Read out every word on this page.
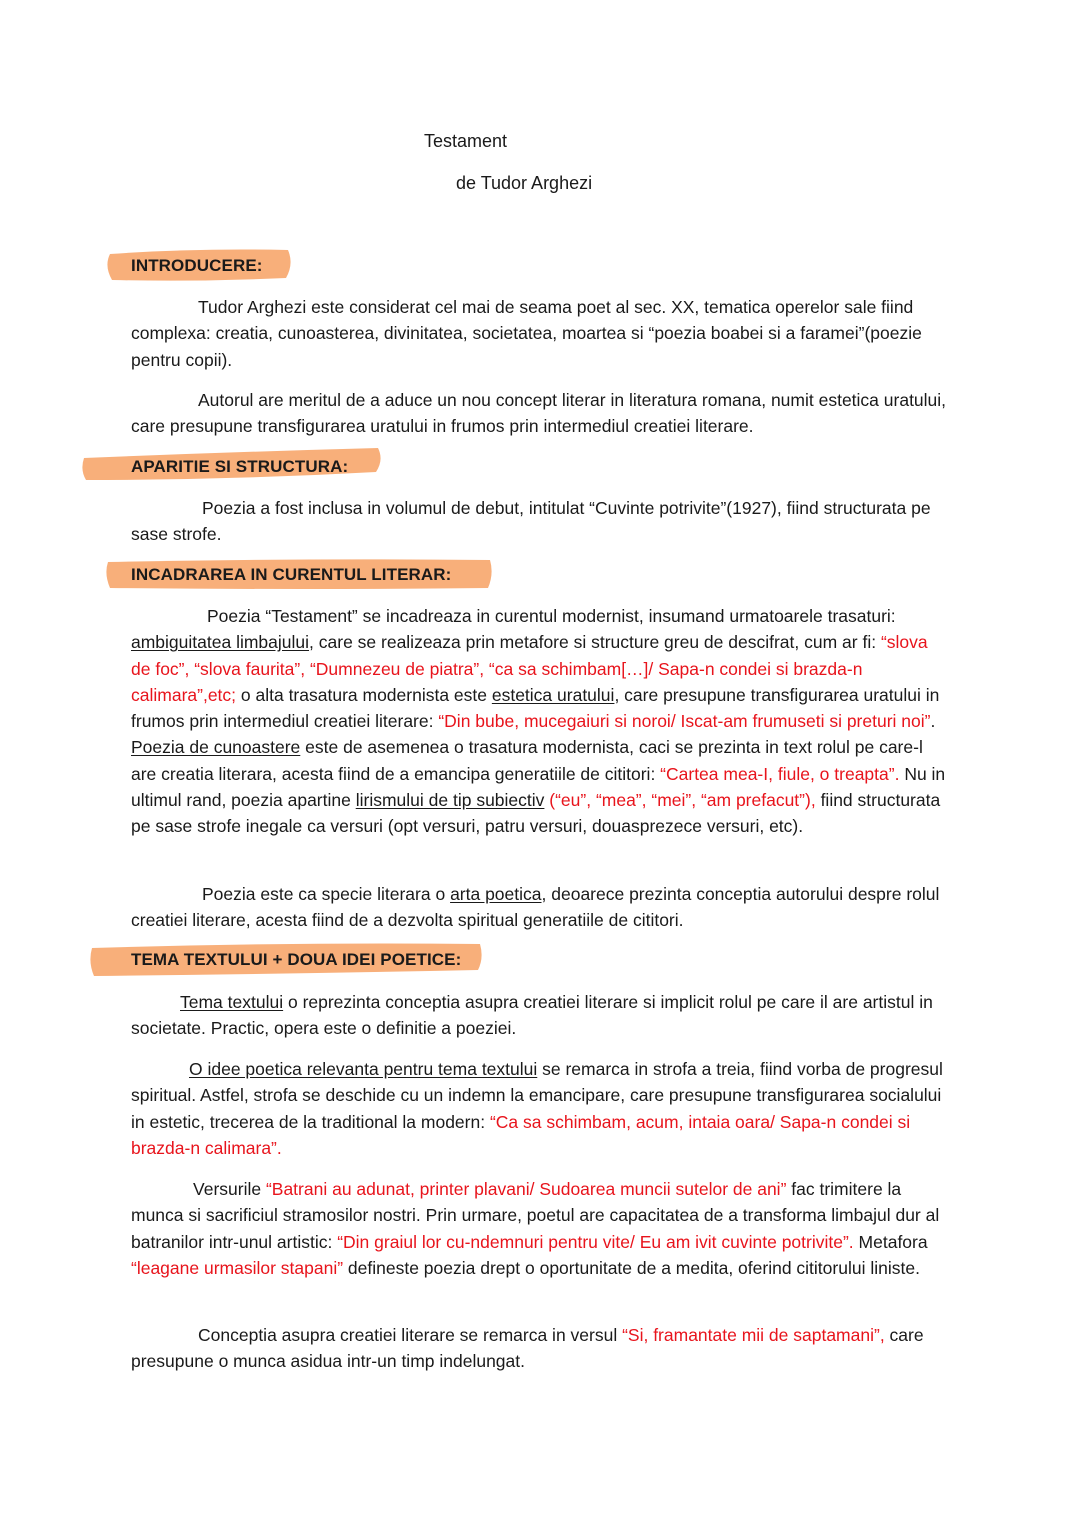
Testament
de Tudor Arghezi
INTRODUCERE:

Tudor Arghezi este considerat cel mai de seama poet al sec. XX, tematica operelor sale fiind complexa: creatia, cunoasterea, divinitatea, societatea, moartea si “poezia boabei si a faramei”(poezie pentru copii).

Autorul are meritul de a aduce un nou concept literar in literatura romana, numit estetica uratului, care presupune transfigurarea uratului in frumos prin intermediul creatiei literare.

APARITIE SI STRUCTURA:

Poezia a fost inclusa in volumul de debut, intitulat “Cuvinte potrivite”(1927), fiind structurata pe sase strofe.

INCADRAREA IN CURENTUL LITERAR:

Poezia “Testament” se incadreaza in curentul modernist, insumand urmatoarele trasaturi: ambiguitatea limbajului, care se realizeaza prin metafore si structure greu de descifrat, cum ar fi: “slova de foc”, “slova faurita”, “Dumnezeu de piatra”, “ca sa schimbam[…]/ Sapa-n condei si brazda-n calimara”,etc; o alta trasatura modernista este estetica uratului, care presupune transfigurarea uratului in frumos prin intermediul creatiei literare: “Din bube, mucegaiuri si noroi/ Iscat-am frumuseti si preturi noi”. Poezia de cunoastere este de asemenea o trasatura modernista, caci se prezinta in text rolul pe care-l are creatia literara, acesta fiind de a emancipa generatiile de cititori: “Cartea mea-I, fiule, o treapta”. Nu in ultimul rand, poezia apartine lirismului de tip subiectiv (“eu”, “mea”, “mei”, “am prefacut”), fiind structurata pe sase strofe inegale ca versuri (opt versuri, patru versuri, douasprezece versuri, etc).

Poezia este ca specie literara o arta poetica, deoarece prezinta conceptia autorului despre rolul creatiei literare, acesta fiind de a dezvolta spiritual generatiile de cititori.

TEMA TEXTULUI + DOUA IDEI POETICE:

Tema textului o reprezinta conceptia asupra creatiei literare si implicit rolul pe care il are artistul in societate. Practic, opera este o definitie a poeziei.

O idee poetica relevanta pentru tema textului se remarca in strofa a treia, fiind vorba de progresul spiritual. Astfel, strofa se deschide cu un indemn la emancipare, care presupune transfigurarea socialului in estetic, trecerea de la traditional la modern: “Ca sa schimbam, acum, intaia oara/ Sapa-n condei si brazda-n calimara”.

Versurile “Batrani au adunat, printer plavani/ Sudoarea muncii sutelor de ani” fac trimitere la munca si sacrificiul stramosilor nostri. Prin urmare, poetul are capacitatea de a transforma limbajul dur al batranilor intr-unul artistic: “Din graiul lor cu-ndemnuri pentru vite/ Eu am ivit cuvinte potrivite”. Metafora “leagane urmasilor stapani” defineste poezia drept o oportunitate de a medita, oferind cititorului liniste.

Conceptia asupra creatiei literare se remarca in versul “Si, framantate mii de saptamani”, care presupune o munca asidua intr-un timp indelungat.
